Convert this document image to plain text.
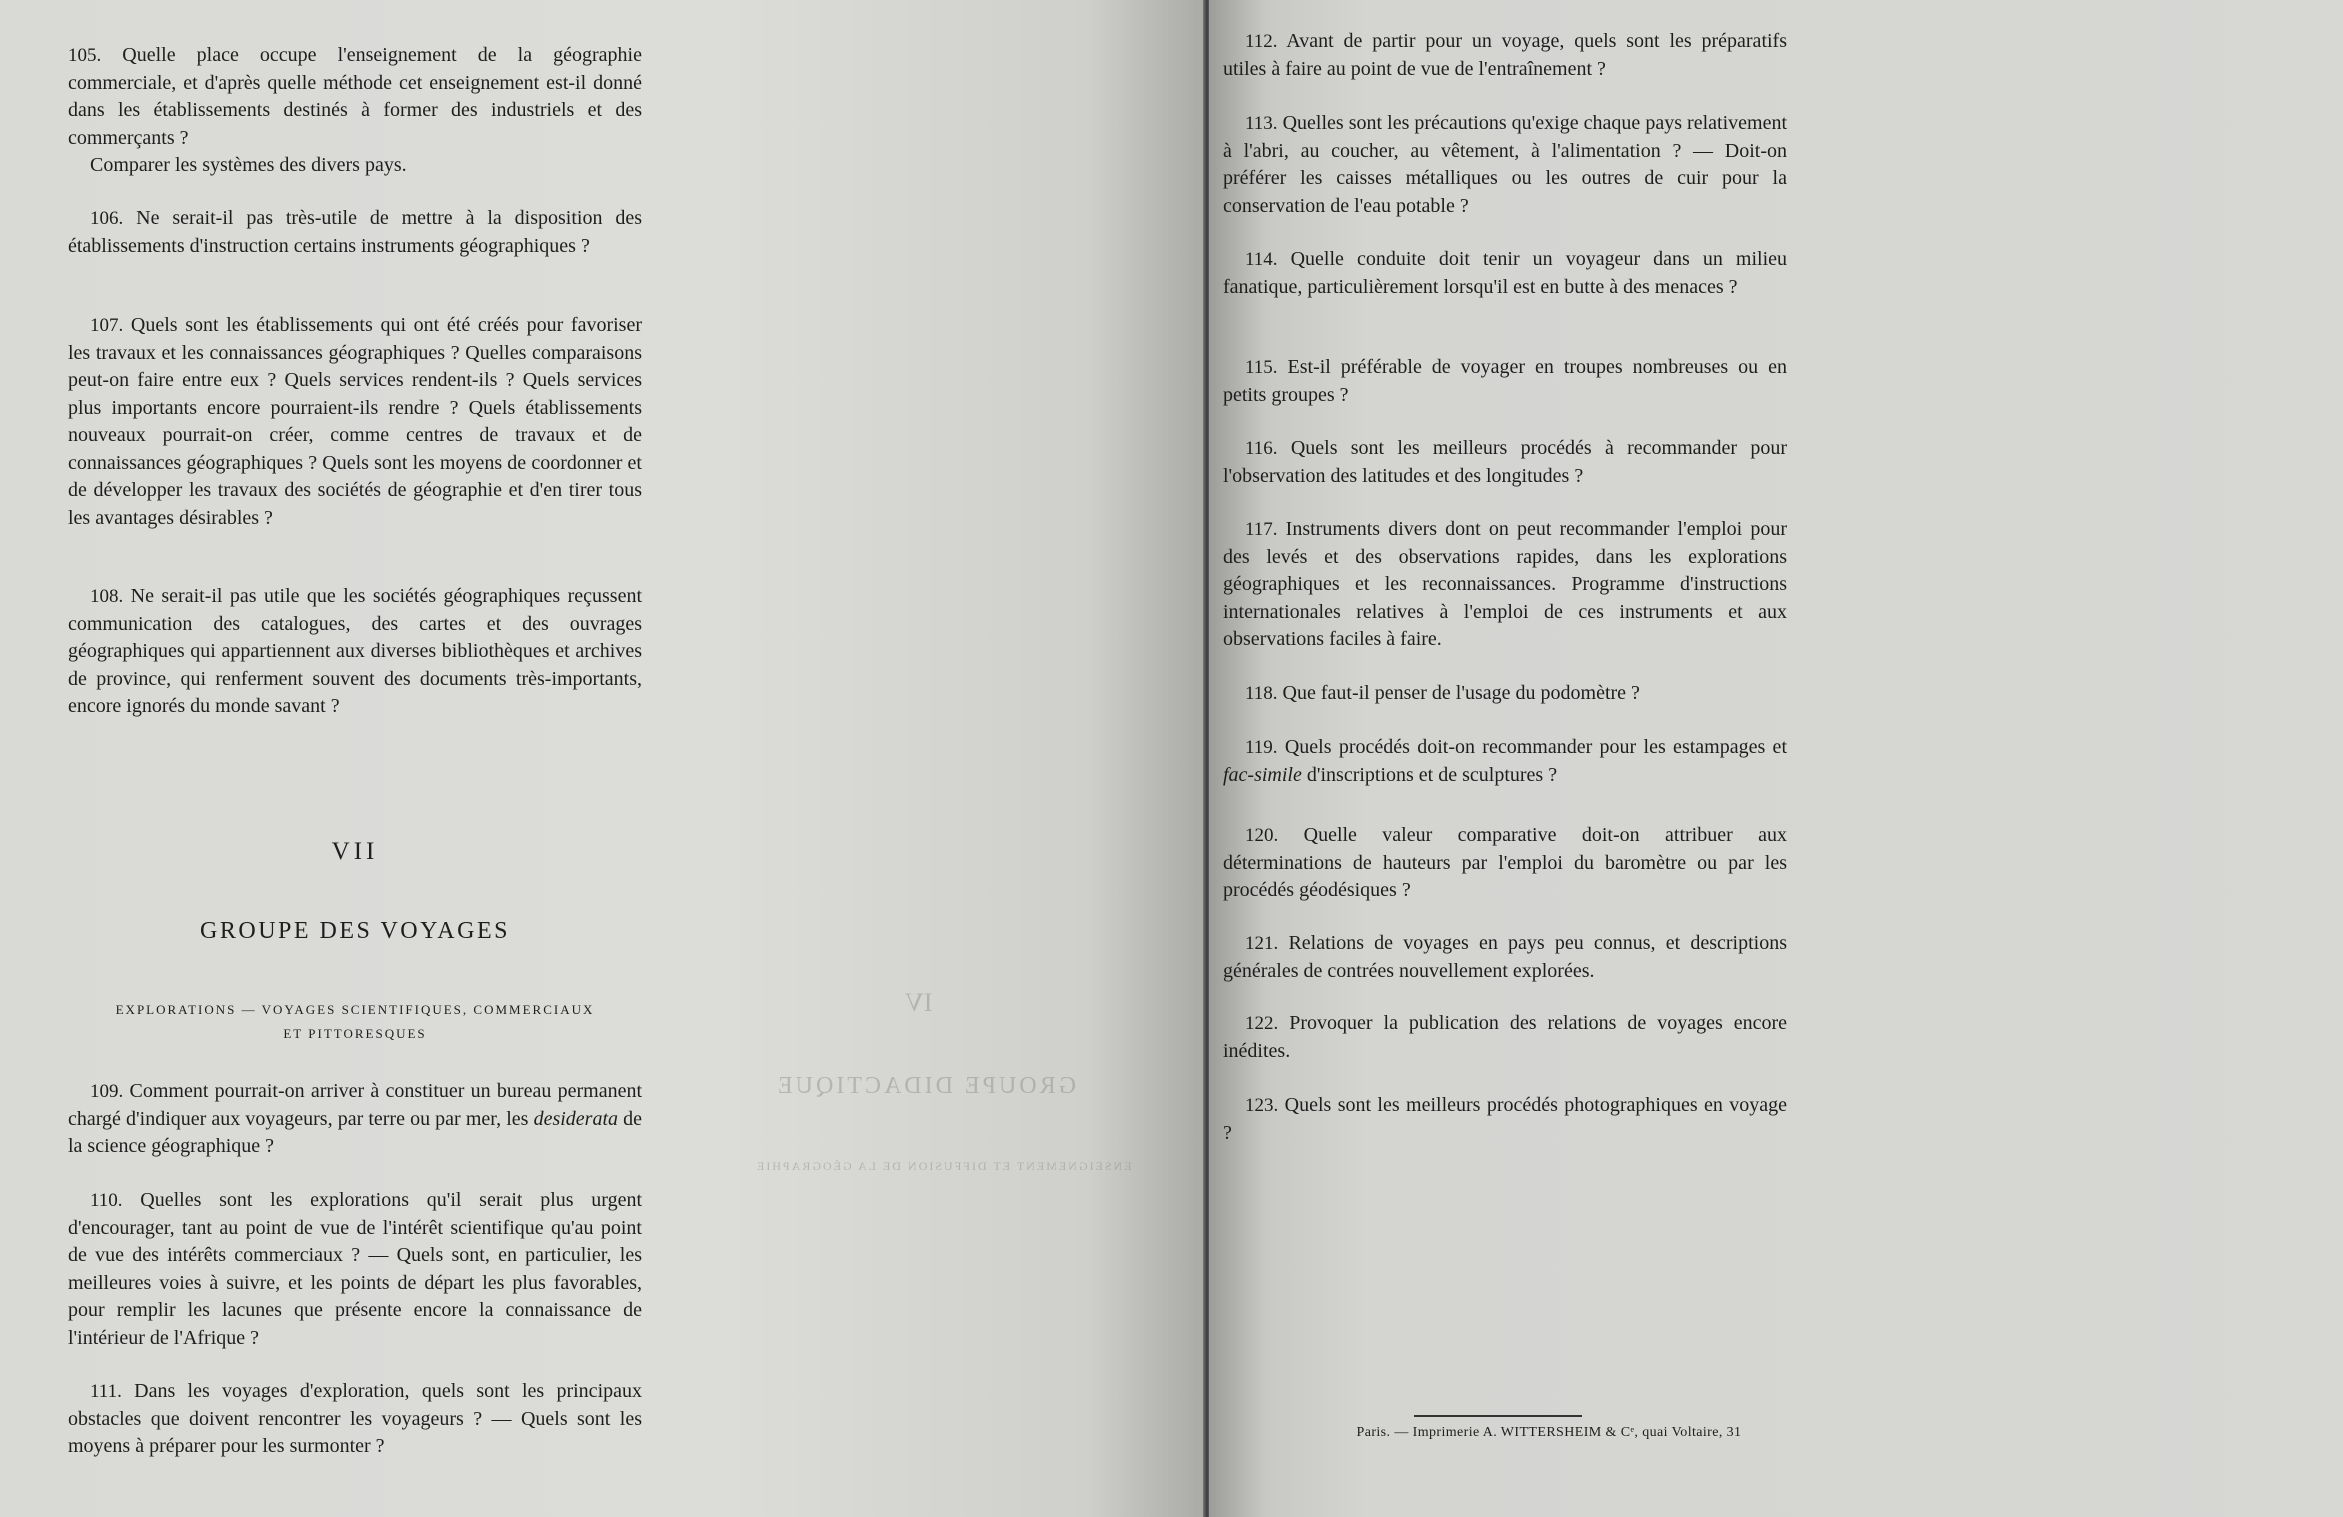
IV
GROUPE DIDACTIQUE
ENSEIGNEMENT ET DIFFUSION DE LA GÉOGRAPHIE
105. Quelle place occupe l'enseignement de la géographie commerciale, et d'après quelle méthode cet enseignement est-il donné dans les établissements destinés à former des industriels et des commerçants ?
Comparer les systèmes des divers pays.
106. Ne serait-il pas très-utile de mettre à la disposition des établissements d'instruction certains instruments géographiques ?
107. Quels sont les établissements qui ont été créés pour favoriser les travaux et les connaissances géographiques ? Quelles comparaisons peut-on faire entre eux ? Quels services rendent-ils ? Quels services plus importants encore pourraient-ils rendre ? Quels établissements nouveaux pourrait-on créer, comme centres de travaux et de connaissances géographiques ? Quels sont les moyens de coordonner et de développer les travaux des sociétés de géographie et d'en tirer tous les avantages désirables ?
108. Ne serait-il pas utile que les sociétés géographiques reçussent communication des catalogues, des cartes et des ouvrages géographiques qui appartiennent aux diverses bibliothèques et archives de province, qui renferment souvent des documents très-importants, encore ignorés du monde savant ?
VII
GROUPE DES VOYAGES
EXPLORATIONS — VOYAGES SCIENTIFIQUES, COMMERCIAUX
ET PITTORESQUES
109. Comment pourrait-on arriver à constituer un bureau permanent chargé d'indiquer aux voyageurs, par terre ou par mer, les desiderata de la science géographique ?
110. Quelles sont les explorations qu'il serait plus urgent d'encourager, tant au point de vue de l'intérêt scientifique qu'au point de vue des intérêts commerciaux ? — Quels sont, en particulier, les meilleures voies à suivre, et les points de départ les plus favorables, pour remplir les lacunes que présente encore la connaissance de l'intérieur de l'Afrique ?
111. Dans les voyages d'exploration, quels sont les principaux obstacles que doivent rencontrer les voyageurs ? — Quels sont les moyens à préparer pour les surmonter ?
112. Avant de partir pour un voyage, quels sont les préparatifs utiles à faire au point de vue de l'entraînement ?
113. Quelles sont les précautions qu'exige chaque pays relativement à l'abri, au coucher, au vêtement, à l'alimentation ? — Doit-on préférer les caisses métalliques ou les outres de cuir pour la conservation de l'eau potable ?
114. Quelle conduite doit tenir un voyageur dans un milieu fanatique, particulièrement lorsqu'il est en butte à des menaces ?
115. Est-il préférable de voyager en troupes nombreuses ou en petits groupes ?
116. Quels sont les meilleurs procédés à recommander pour l'observation des latitudes et des longitudes ?
117. Instruments divers dont on peut recommander l'emploi pour des levés et des observations rapides, dans les explorations géographiques et les reconnaissances. Programme d'instructions internationales relatives à l'emploi de ces instruments et aux observations faciles à faire.
118. Que faut-il penser de l'usage du podomètre ?
119. Quels procédés doit-on recommander pour les estampages et fac-simile d'inscriptions et de sculptures ?
120. Quelle valeur comparative doit-on attribuer aux déterminations de hauteurs par l'emploi du baromètre ou par les procédés géodésiques ?
121. Relations de voyages en pays peu connus, et descriptions générales de contrées nouvellement explorées.
122. Provoquer la publication des relations de voyages encore inédites.
123. Quels sont les meilleurs procédés photographiques en voyage ?
Paris. — Imprimerie A. WITTERSHEIM & Cᵉ, quai Voltaire, 31
